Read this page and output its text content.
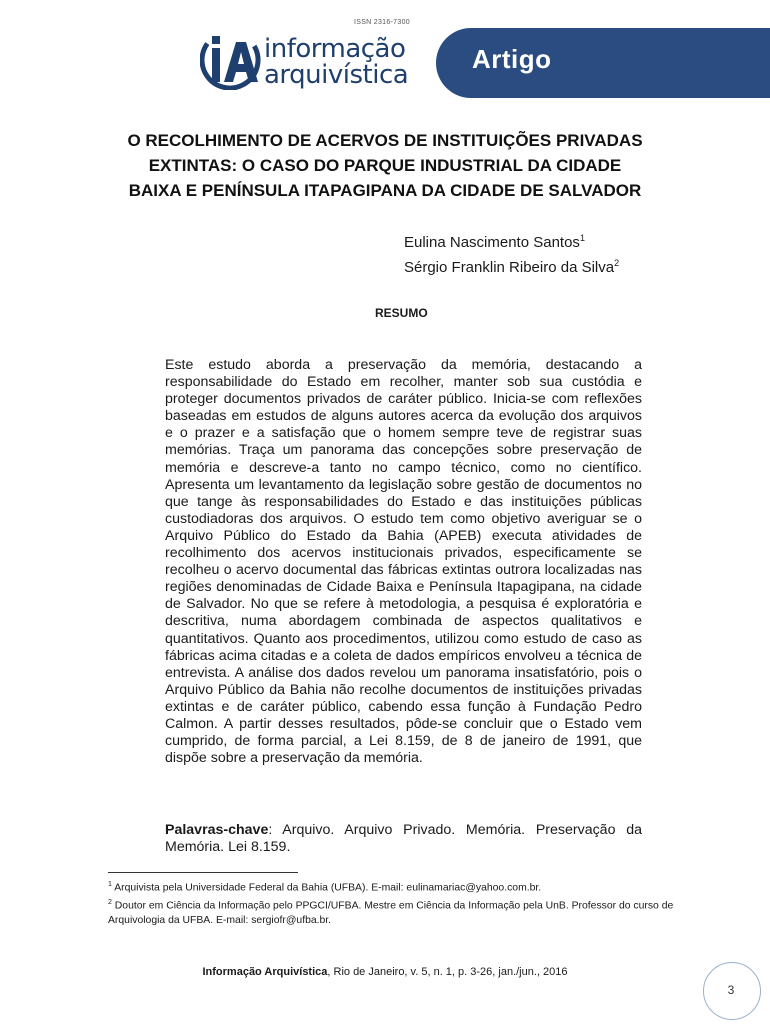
ISSN 2316-7300
informação
arquivística
Artigo
O RECOLHIMENTO DE ACERVOS DE INSTITUIÇÕES PRIVADAS EXTINTAS: O CASO DO PARQUE INDUSTRIAL DA CIDADE BAIXA E PENÍNSULA ITAPAGIPANA DA CIDADE DE SALVADOR
Eulina Nascimento Santos$^1$
Sérgio Franklin Ribeiro da Silva$^2$
RESUMO
Este estudo aborda a preservação da memória, destacando a responsabilidade do Estado em recolher, manter sob sua custódia e proteger documentos privados de caráter público. Inicia-se com reflexões baseadas em estudos de alguns autores acerca da evolução dos arquivos e o prazer e a satisfação que o homem sempre teve de registrar suas memórias. Traça um panorama das concepções sobre preservação de memória e descreve-a tanto no campo técnico, como no científico. Apresenta um levantamento da legislação sobre gestão de documentos no que tange às responsabilidades do Estado e das instituições públicas custodiadoras dos arquivos. O estudo tem como objetivo averiguar se o Arquivo Público do Estado da Bahia (APEB) executa atividades de recolhimento dos acervos institucionais privados, especificamente se recolheu o acervo documental das fábricas extintas outrora localizadas nas regiões denominadas de Cidade Baixa e Península Itapagipana, na cidade de Salvador. No que se refere à metodologia, a pesquisa é exploratória e descritiva, numa abordagem combinada de aspectos qualitativos e quantitativos. Quanto aos procedimentos, utilizou como estudo de caso as fábricas acima citadas e a coleta de dados empíricos envolveu a técnica de entrevista. A análise dos dados revelou um panorama insatisfatório, pois o Arquivo Público da Bahia não recolhe documentos de instituições privadas extintas e de caráter público, cabendo essa função à Fundação Pedro Calmon. A partir desses resultados, pôde-se concluir que o Estado vem cumprido, de forma parcial, a Lei 8.159, de 8 de janeiro de 1991, que dispõe sobre a preservação da memória.
Palavras-chave: Arquivo. Arquivo Privado. Memória. Preservação da Memória. Lei 8.159.
$^1$ Arquivista pela Universidade Federal da Bahia (UFBA). E-mail: eulinamariac@yahoo.com.br.
$^2$ Doutor em Ciência da Informação pelo PPGCI/UFBA. Mestre em Ciência da Informação pela UnB. Professor do curso de Arquivologia da UFBA. E-mail: sergiofr@ufba.br.
Informação Arquivística, Rio de Janeiro, v. 5, n. 1, p. 3-26, jan./jun., 2016
3
